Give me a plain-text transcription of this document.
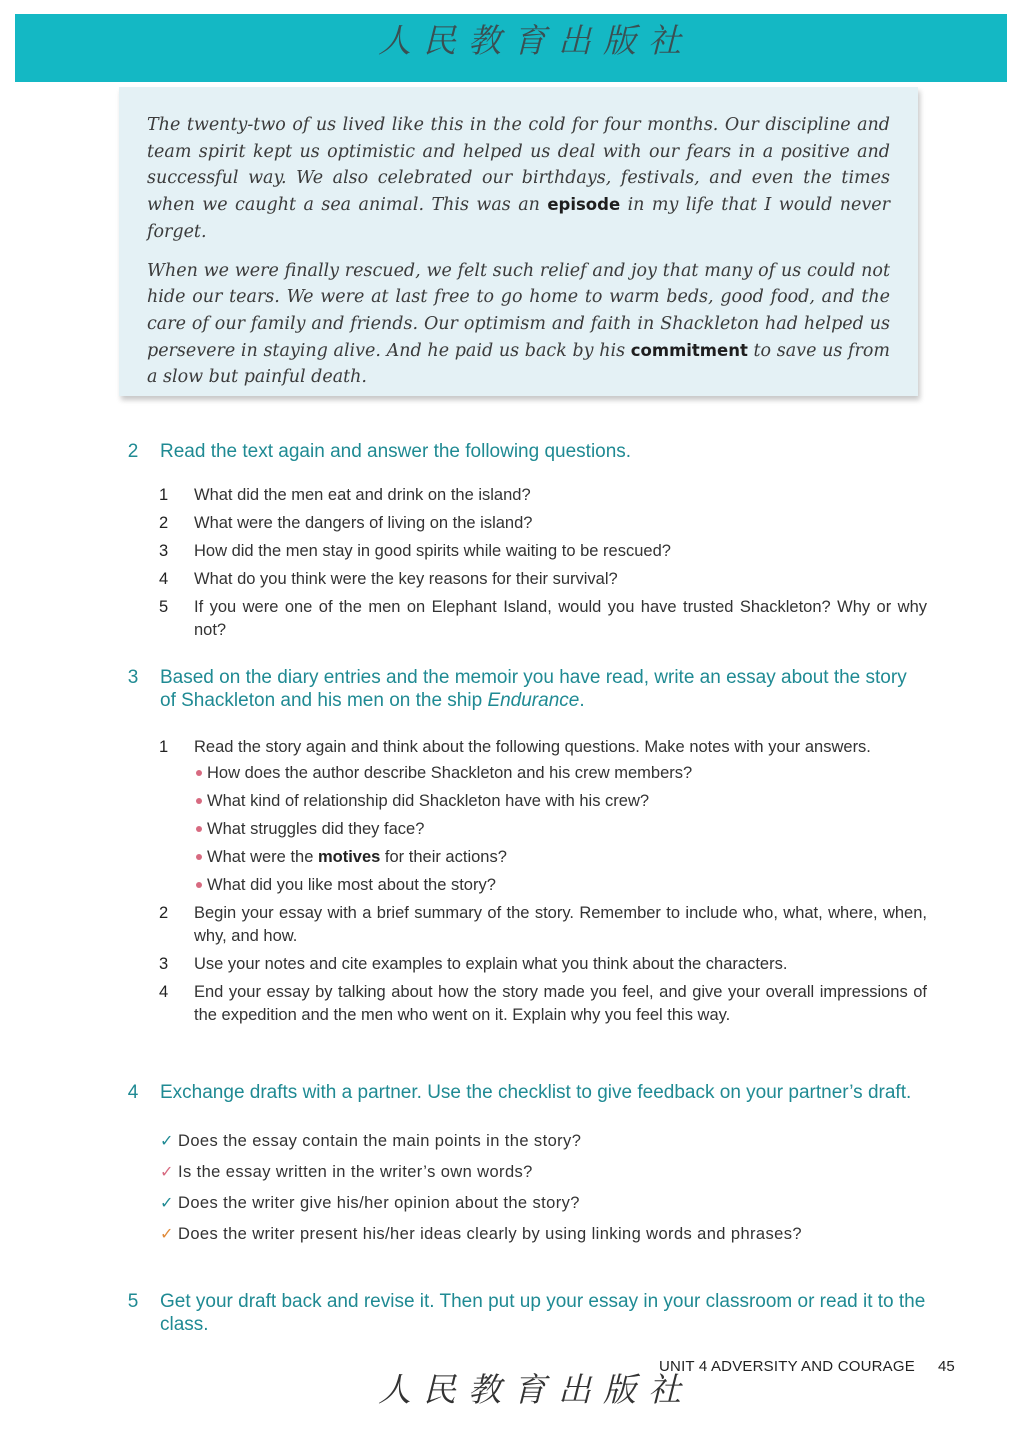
人民教育出版社

The twenty-two of us lived like this in the cold for four months. Our discipline and team spirit kept us optimistic and helped us deal with our fears in a positive and successful way. We also celebrated our birthdays, festivals, and even the times when we caught a sea animal. This was an episode in my life that I would never forget.

When we were finally rescued, we felt such relief and joy that many of us could not hide our tears. We were at last free to go home to warm beds, good food, and the care of our family and friends. Our optimism and faith in Shackleton had helped us persevere in staying alive. And he paid us back by his commitment to save us from a slow but painful death.

2	Read the text again and answer the following questions.
1 What did the men eat and drink on the island?
2 What were the dangers of living on the island?
3 How did the men stay in good spirits while waiting to be rescued?
4 What do you think were the key reasons for their survival?
5 If you were one of the men on Elephant Island, would you have trusted Shackleton? Why or why not?
3	Based on the diary entries and the memoir you have read, write an essay about the story of Shackleton and his men on the ship Endurance.
1 Read the story again and think about the following questions. Make notes with your answers.
How does the author describe Shackleton and his crew members?
What kind of relationship did Shackleton have with his crew?
What struggles did they face?
What were the motives for their actions?
What did you like most about the story?
2 Begin your essay with a brief summary of the story. Remember to include who, what, where, when, why, and how.
3 Use your notes and cite examples to explain what you think about the characters.
4 End your essay by talking about how the story made you feel, and give your overall impressions of the expedition and the men who went on it. Explain why you feel this way.
4	Exchange drafts with a partner. Use the checklist to give feedback on your partner’s draft.
✓ Does the essay contain the main points in the story?
✓ Is the essay written in the writer’s own words?
✓ Does the writer give his/her opinion about the story?
✓ Does the writer present his/her ideas clearly by using linking words and phrases?
5	Get your draft back and revise it. Then put up your essay in your classroom or read it to the class.
UNIT 4 ADVERSITY AND COURAGE 45
人民教育出版社
